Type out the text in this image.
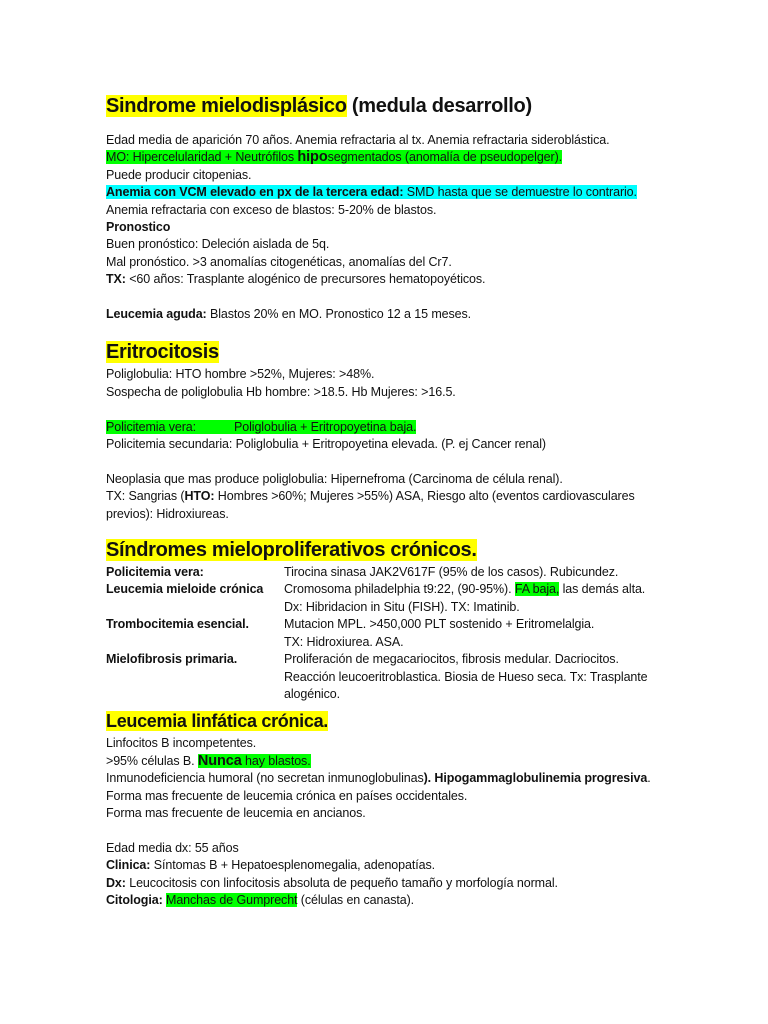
Sindrome mielodisplásico (medula desarrollo)
Edad media de aparición 70 años. Anemia refractaria al tx. Anemia refractaria sideroblástica.
MO: Hipercelularidad + Neutrófilos hiposegmentados (anomalía de pseudopelger).
Puede producir citopenias.
Anemia con VCM elevado en px de la tercera edad: SMD hasta que se demuestre lo contrario.
Anemia refractaria con exceso de blastos: 5-20% de blastos.
Pronostico
Buen pronóstico: Deleción aislada de 5q.
Mal pronóstico. >3 anomalías citogenéticas, anomalías del Cr7.
TX: <60 años: Trasplante alogénico de precursores hematopoyéticos.
Leucemia aguda: Blastos 20% en MO. Pronostico 12 a 15 meses.
Eritrocitosis
Poliglobulia: HTO hombre >52%, Mujeres: >48%.
Sospecha de poliglobulia Hb hombre: >18.5. Hb Mujeres: >16.5.
Policitemia vera:	Poliglobulia + Eritropoyetina baja.
Policitemia secundaria: Poliglobulia + Eritropoyetina elevada. (P. ej Cancer renal)
Neoplasia que mas produce poliglobulia: Hipernefroma (Carcinoma de célula renal).
TX: Sangrias (HTO: Hombres >60%; Mujeres >55%) ASA, Riesgo alto (eventos cardiovasculares
previos): Hidroxiureas.
Síndromes mieloproliferativos crónicos.
Policitemia vera:	Tirocina sinasa JAK2V617F (95% de los casos). Rubicundez.
Leucemia mieloide crónica	Cromosoma philadelphia t9:22, (90-95%). FA baja, las demás alta.
Dx: Hibridacion in Situ (FISH). TX: Imatinib.
Trombocitemia esencial.	Mutacion MPL. >450,000 PLT sostenido + Eritromelalgia.
TX: Hidroxiurea. ASA.
Mielofibrosis primaria.	Proliferación de megacariocitos, fibrosis medular. Dacriocitos.
Reacción leucoeritroblastica. Biosia de Hueso seca. Tx: Trasplante
alogénico.
Leucemia linfática crónica.
Linfocitos B incompetentes.
>95% células B. Nunca hay blastos.
Inmunodeficiencia humoral (no secretan inmunoglobulinas). Hipogammaglobulinemia progresiva.
Forma mas frecuente de leucemia crónica en países occidentales.
Forma mas frecuente de leucemia en ancianos.
Edad media dx: 55 años
Clinica: Síntomas B + Hepatoesplenomegalia, adenopatías.
Dx: Leucocitosis con linfocitosis absoluta de pequeño tamaño y morfología normal.
Citologia: Manchas de Gumprecht (células en canasta).
